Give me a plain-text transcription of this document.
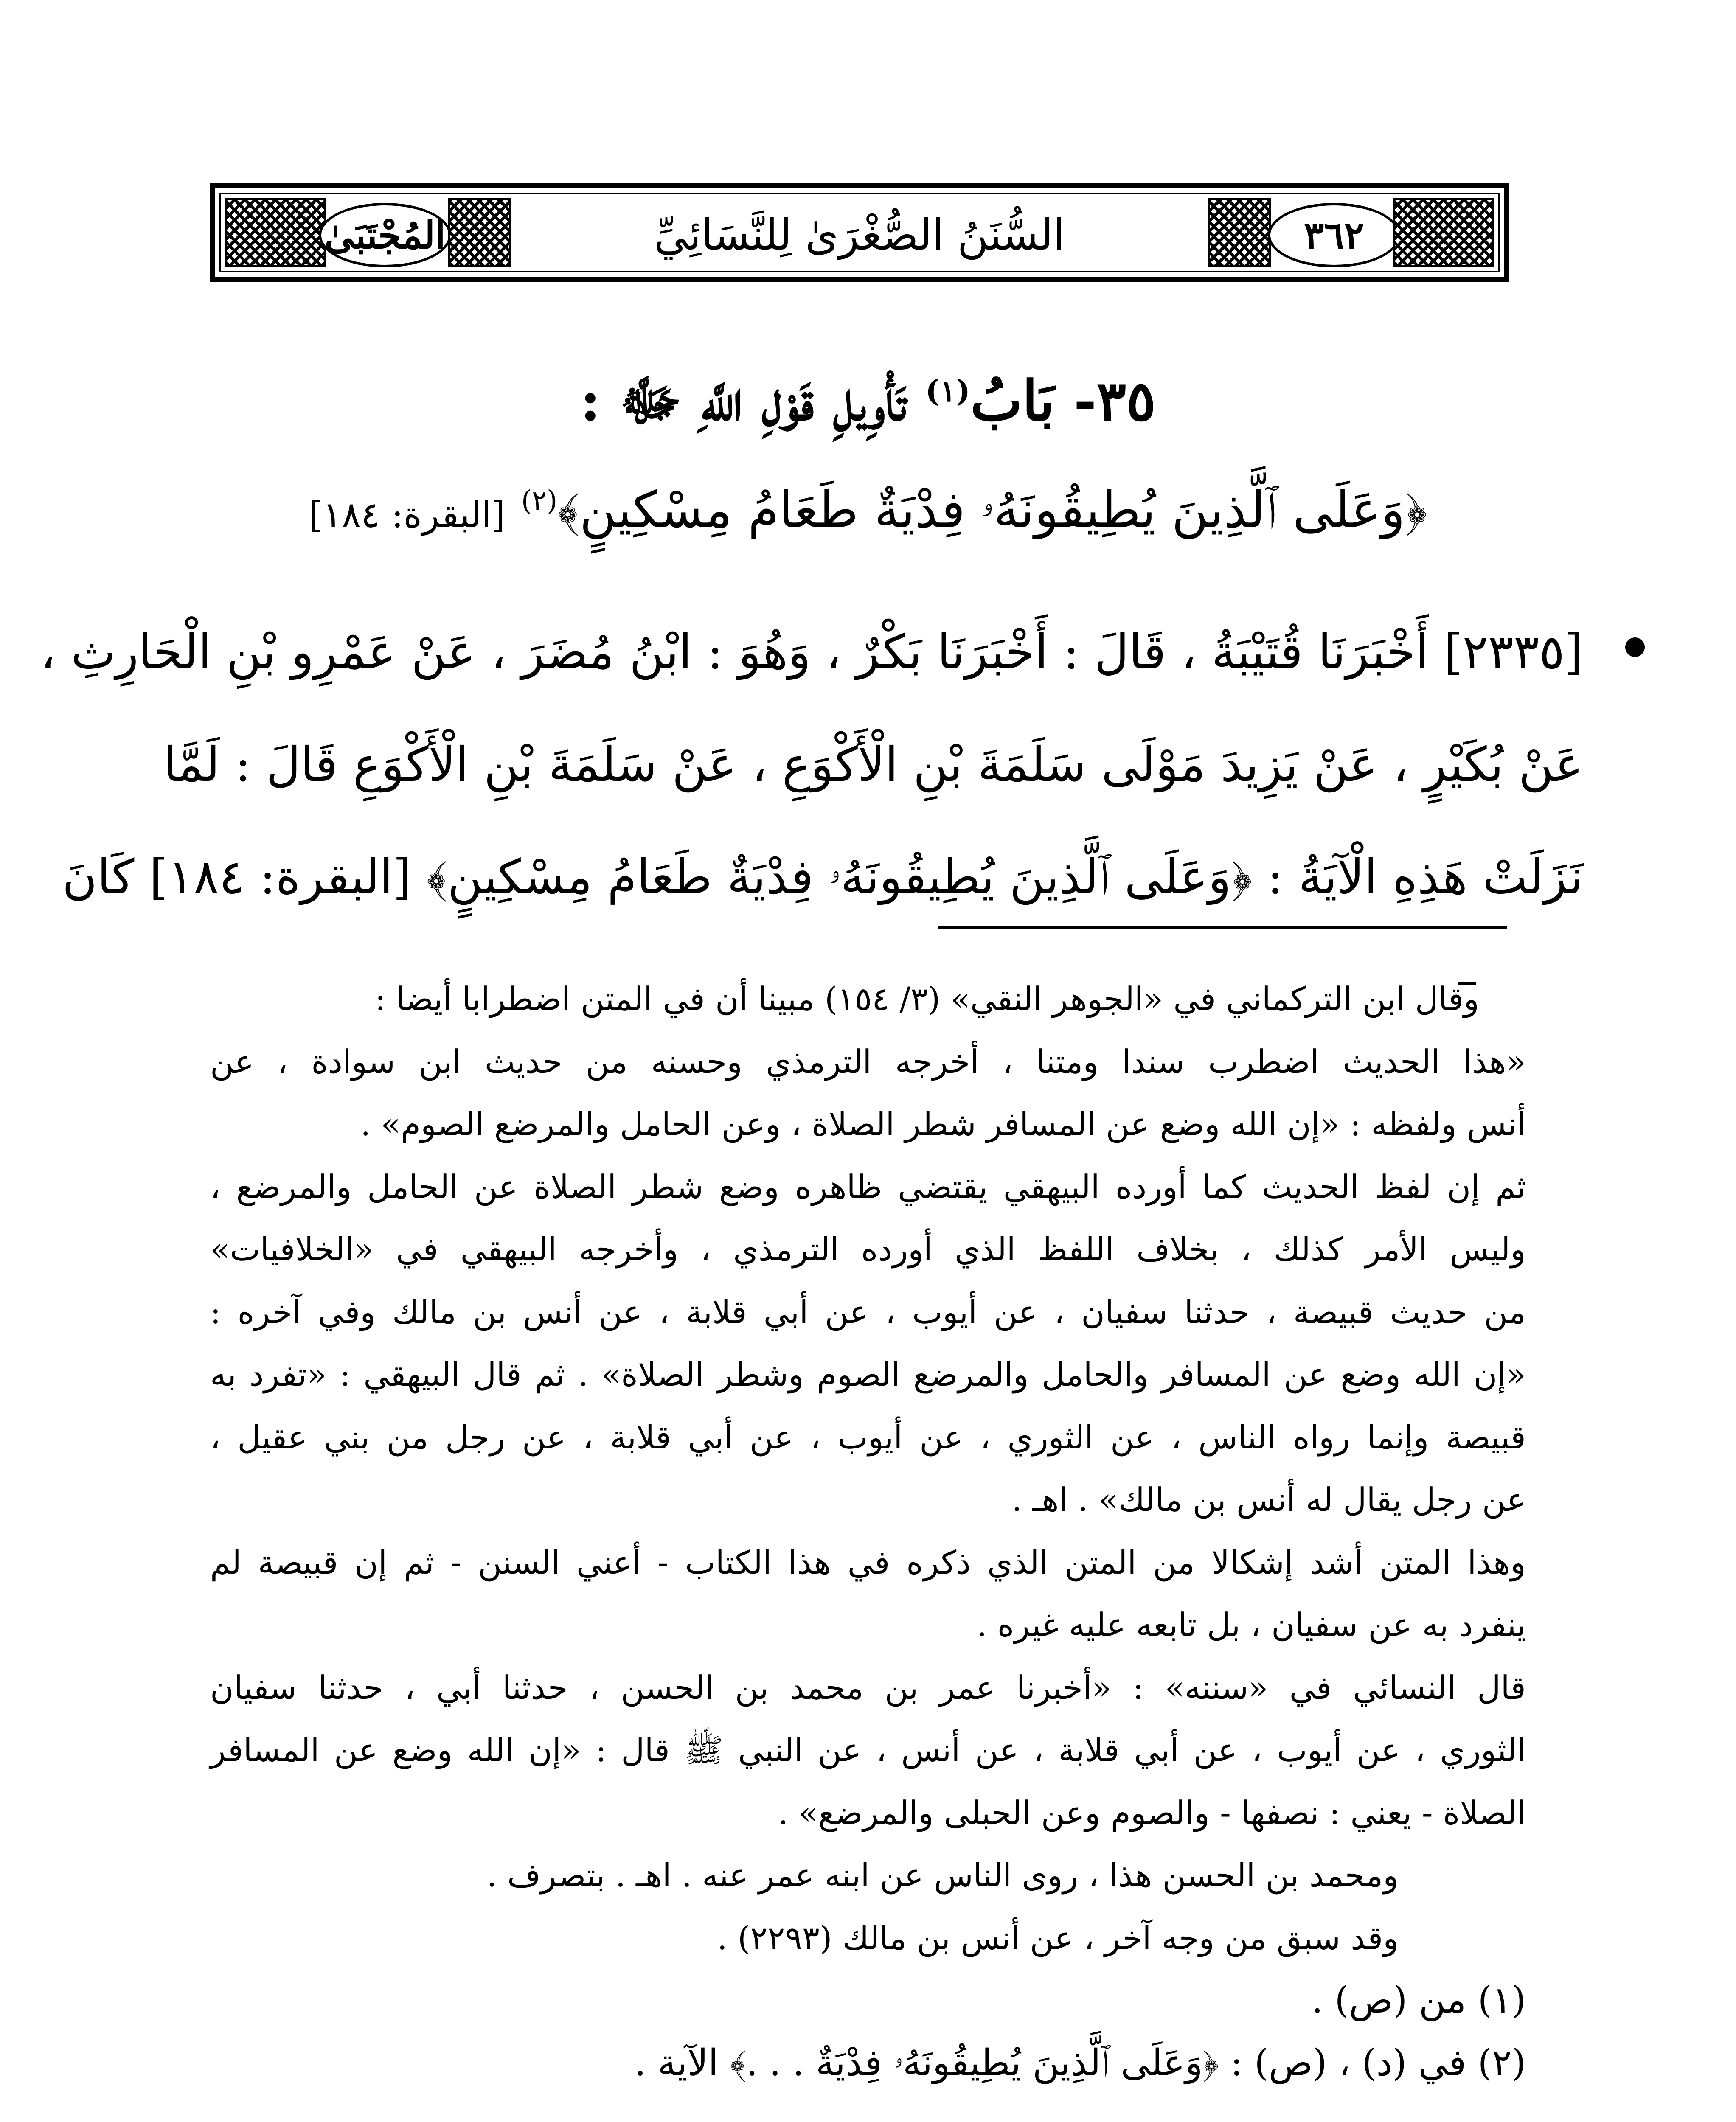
المُجْتَبَىٰ	السُّنَنُ الصُّغْرَىٰ لِلنَّسَائِيِّ	٣٦٢
٣٥- بَابُ$^{(١)}$ تَأْوِيلِ قَوْلِ اللَّهِ ﷻ :
﴿وَعَلَى ٱلَّذِينَ يُطِيقُونَهُۥ فِدْيَةٌ طَعَامُ مِسْكِينٍ﴾$^{(٢)}$ [البقرة: ١٨٤]
[٢٣٣٥] أَخْبَرَنَا قُتَيْبَةُ ، قَالَ : أَخْبَرَنَا بَكْرٌ ، وَهُوَ : ابْنُ مُضَرَ ، عَنْ عَمْرِو بْنِ الْحَارِثِ ،
عَنْ بُكَيْرٍ ، عَنْ يَزِيدَ مَوْلَى سَلَمَةَ بْنِ الْأَكْوَعِ ، عَنْ سَلَمَةَ بْنِ الْأَكْوَعِ قَالَ : لَمَّا
نَزَلَتْ هَذِهِ الْآيَةُ : ﴿وَعَلَى ٱلَّذِينَ يُطِيقُونَهُۥ فِدْيَةٌ طَعَامُ مِسْكِينٍ﴾ [البقرة: ١٨٤] كَانَ
وقال ابن التركماني في «الجوهر النقي» (٣/ ١٥٤) مبينا أن في المتن اضطرابا أيضا :
«هذا الحديث اضطرب سندا ومتنا ، أخرجه الترمذي وحسنه من حديث ابن سوادة ، عن
أنس ولفظه : «إن الله وضع عن المسافر شطر الصلاة ، وعن الحامل والمرضع الصوم» .
ثم إن لفظ الحديث كما أورده البيهقي يقتضي ظاهره وضع شطر الصلاة عن الحامل والمرضع ،
وليس الأمر كذلك ، بخلاف اللفظ الذي أورده الترمذي ، وأخرجه البيهقي في «الخلافيات»
من حديث قبيصة ، حدثنا سفيان ، عن أيوب ، عن أبي قلابة ، عن أنس بن مالك وفي آخره :
«إن الله وضع عن المسافر والحامل والمرضع الصوم وشطر الصلاة» . ثم قال البيهقي : «تفرد به
قبيصة وإنما رواه الناس ، عن الثوري ، عن أيوب ، عن أبي قلابة ، عن رجل من بني عقيل ،
عن رجل يقال له أنس بن مالك» . اهـ .
وهذا المتن أشد إشكالا من المتن الذي ذكره في هذا الكتاب - أعني السنن - ثم إن قبيصة لم
ينفرد به عن سفيان ، بل تابعه عليه غيره .
قال النسائي في «سننه» : «أخبرنا عمر بن محمد بن الحسن ، حدثنا أبي ، حدثنا سفيان
الثوري ، عن أيوب ، عن أبي قلابة ، عن أنس ، عن النبي ﷺ قال : «إن الله وضع عن المسافر
الصلاة - يعني : نصفها - والصوم وعن الحبلى والمرضع» .
ومحمد بن الحسن هذا ، روى الناس عن ابنه عمر عنه . اهـ . بتصرف .
وقد سبق من وجه آخر ، عن أنس بن مالك (٢٢٩٣) .
(١) من (ص) .
(٢) في (د) ، (ص) : ﴿وَعَلَى ٱلَّذِينَ يُطِيقُونَهُۥ فِدْيَةٌ . . .﴾ الآية .
